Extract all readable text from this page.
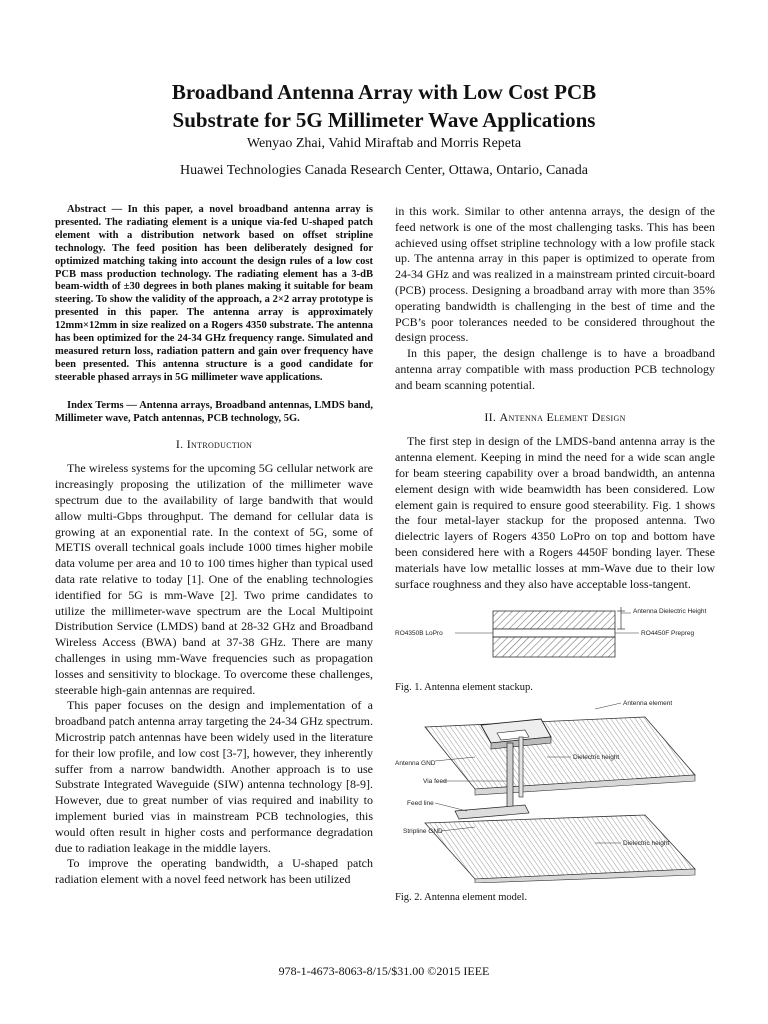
Broadband Antenna Array with Low Cost PCB
Substrate for 5G Millimeter Wave Applications
Wenyao Zhai, Vahid Miraftab and Morris Repeta
Huawei Technologies Canada Research Center, Ottawa, Ontario, Canada

Abstract — In this paper, a novel broadband antenna array is presented. The radiating element is a unique via-fed U-shaped patch element with a distribution network based on offset stripline technology. The feed position has been deliberately designed for optimized matching taking into account the design rules of a low cost PCB mass production technology. The radiating element has a 3-dB beam-width of ±30 degrees in both planes making it suitable for beam steering. To show the validity of the approach, a 2×2 array prototype is presented in this paper. The antenna array is approximately 12mm×12mm in size realized on a Rogers 4350 substrate. The antenna has been optimized for the 24-34 GHz frequency range. Simulated and measured return loss, radiation pattern and gain over frequency have been presented. This antenna structure is a good candidate for steerable phased arrays in 5G millimeter wave applications.

Index Terms — Antenna arrays, Broadband antennas, LMDS band, Millimeter wave, Patch antennas, PCB technology, 5G.

I. Introduction

The wireless systems for the upcoming 5G cellular network are increasingly proposing the utilization of the millimeter wave spectrum due to the availability of large bandwith that would allow multi-Gbps throughput. The demand for cellular data is growing at an exponential rate. In the context of 5G, some of METIS overall technical goals include 1000 times higher mobile data volume per area and 10 to 100 times higher than typical used data rate relative to today [1]. One of the enabling technologies identified for 5G is mm-Wave [2]. Two prime candidates to utilize the millimeter-wave spectrum are the Local Multipoint Distribution Service (LMDS) band at 28-32 GHz and Broadband Wireless Access (BWA) band at 37-38 GHz. There are many challenges in using mm-Wave frequencies such as propagation losses and sensitivity to blockage. To overcome these challenges, steerable high-gain antennas are required.

This paper focuses on the design and implementation of a broadband patch antenna array targeting the 24-34 GHz spectrum. Microstrip patch antennas have been widely used in the literature for their low profile, and low cost [3-7], however, they inherently suffer from a narrow bandwidth. Another approach is to use Substrate Integrated Waveguide (SIW) antenna technology [8-9]. However, due to great number of vias required and inability to implement buried vias in mainstream PCB technologies, this would often result in higher costs and performance degradation due to radiation leakage in the middle layers.

To improve the operating bandwidth, a U-shaped patch radiation element with a novel feed network has been utilized

in this work. Similar to other antenna arrays, the design of the feed network is one of the most challenging tasks. This has been achieved using offset stripline technology with a low profile stack up. The antenna array in this paper is optimized to operate from 24-34 GHz and was realized in a mainstream printed circuit-board (PCB) process. Designing a broadband array with more than 35% operating bandwidth is challenging in the best of time and the PCB’s poor tolerances needed to be considered throughout the design process.

In this paper, the design challenge is to have a broadband antenna array compatible with mass production PCB technology and beam scanning potential.

II. Antenna Element Design

The first step in design of the LMDS-band antenna array is the antenna element. Keeping in mind the need for a wide scan angle for beam steering capability over a broad bandwidth, an antenna element design with wide beamwidth has been considered. Low element gain is required to ensure good steerability. Fig. 1 shows the four metal-layer stackup for the proposed antenna. Two dielectric layers of Rogers 4350 LoPro on top and bottom have been considered here with a Rogers 4450F bonding layer. These materials have low metallic losses at mm-Wave due to their low surface roughness and they also have acceptable loss-tangent.

Antenna Dielectric Height
RO4350B LoPro	RO4450F Prepreg

Fig. 1. Antenna element stackup.

Antenna element
Antenna GND
Dielectric height
Via feed
Feed line
Stripline GND
Dielectric height

Fig. 2. Antenna element model.

978-1-4673-8063-8/15/$31.00 ©2015 IEEE
